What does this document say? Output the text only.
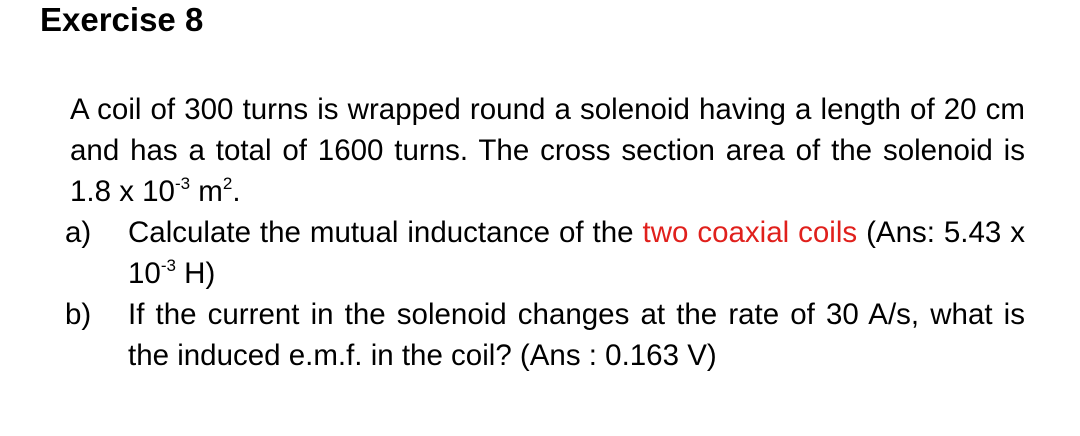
Exercise 8

A coil of 300 turns is wrapped round a solenoid having a length of 20 cm and has a total of 1600 turns. The cross section area of the solenoid is 1.8 x $10^{-3}$ $m^2$.

a) Calculate the mutual inductance of the two coaxial coils (Ans: 5.43 x $10^{-3}$ H)
b) If the current in the solenoid changes at the rate of 30 A/s, what is the induced e.m.f. in the coil? (Ans : 0.163 V)
